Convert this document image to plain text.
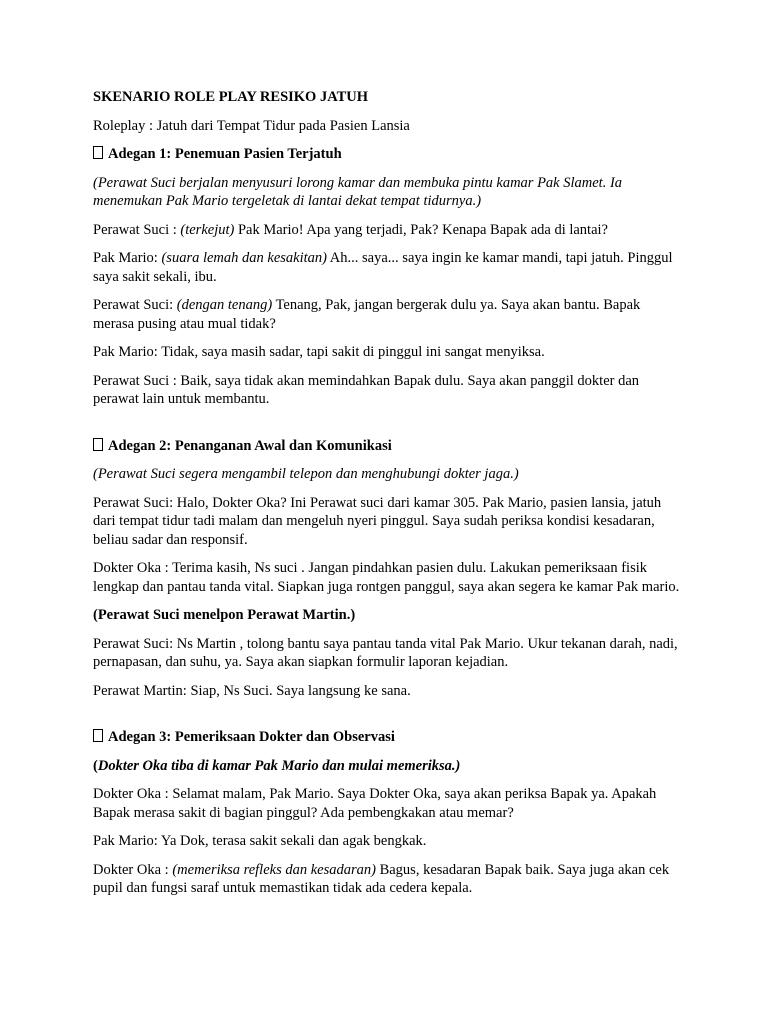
SKENARIO ROLE PLAY RESIKO JATUH

Roleplay : Jatuh dari Tempat Tidur pada Pasien Lansia

Adegan 1: Penemuan Pasien Terjatuh

(Perawat Suci berjalan menyusuri lorong kamar dan membuka pintu kamar Pak Slamet. Ia menemukan Pak Mario tergeletak di lantai dekat tempat tidurnya.)

Perawat Suci : (terkejut) Pak Mario! Apa yang terjadi, Pak? Kenapa Bapak ada di lantai?

Pak Mario: (suara lemah dan kesakitan) Ah... saya... saya ingin ke kamar mandi, tapi jatuh. Pinggul saya sakit sekali, ibu.

Perawat Suci: (dengan tenang) Tenang, Pak, jangan bergerak dulu ya. Saya akan bantu. Bapak merasa pusing atau mual tidak?

Pak Mario: Tidak, saya masih sadar, tapi sakit di pinggul ini sangat menyiksa.

Perawat Suci : Baik, saya tidak akan memindahkan Bapak dulu. Saya akan panggil dokter dan perawat lain untuk membantu.

Adegan 2: Penanganan Awal dan Komunikasi

(Perawat Suci segera mengambil telepon dan menghubungi dokter jaga.)

Perawat Suci: Halo, Dokter Oka? Ini Perawat suci dari kamar 305. Pak Mario, pasien lansia, jatuh dari tempat tidur tadi malam dan mengeluh nyeri pinggul. Saya sudah periksa kondisi kesadaran, beliau sadar dan responsif.

Dokter Oka : Terima kasih, Ns suci . Jangan pindahkan pasien dulu. Lakukan pemeriksaan fisik lengkap dan pantau tanda vital. Siapkan juga rontgen panggul, saya akan segera ke kamar Pak mario.

(Perawat Suci menelpon Perawat Martin.)

Perawat Suci: Ns Martin , tolong bantu saya pantau tanda vital Pak Mario. Ukur tekanan darah, nadi, pernapasan, dan suhu, ya. Saya akan siapkan formulir laporan kejadian.

Perawat Martin: Siap, Ns Suci. Saya langsung ke sana.

Adegan 3: Pemeriksaan Dokter dan Observasi

(Dokter Oka tiba di kamar Pak Mario dan mulai memeriksa.)

Dokter Oka : Selamat malam, Pak Mario. Saya Dokter Oka, saya akan periksa Bapak ya. Apakah Bapak merasa sakit di bagian pinggul? Ada pembengkakan atau memar?

Pak Mario: Ya Dok, terasa sakit sekali dan agak bengkak.

Dokter Oka : (memeriksa refleks dan kesadaran) Bagus, kesadaran Bapak baik. Saya juga akan cek pupil dan fungsi saraf untuk memastikan tidak ada cedera kepala.
